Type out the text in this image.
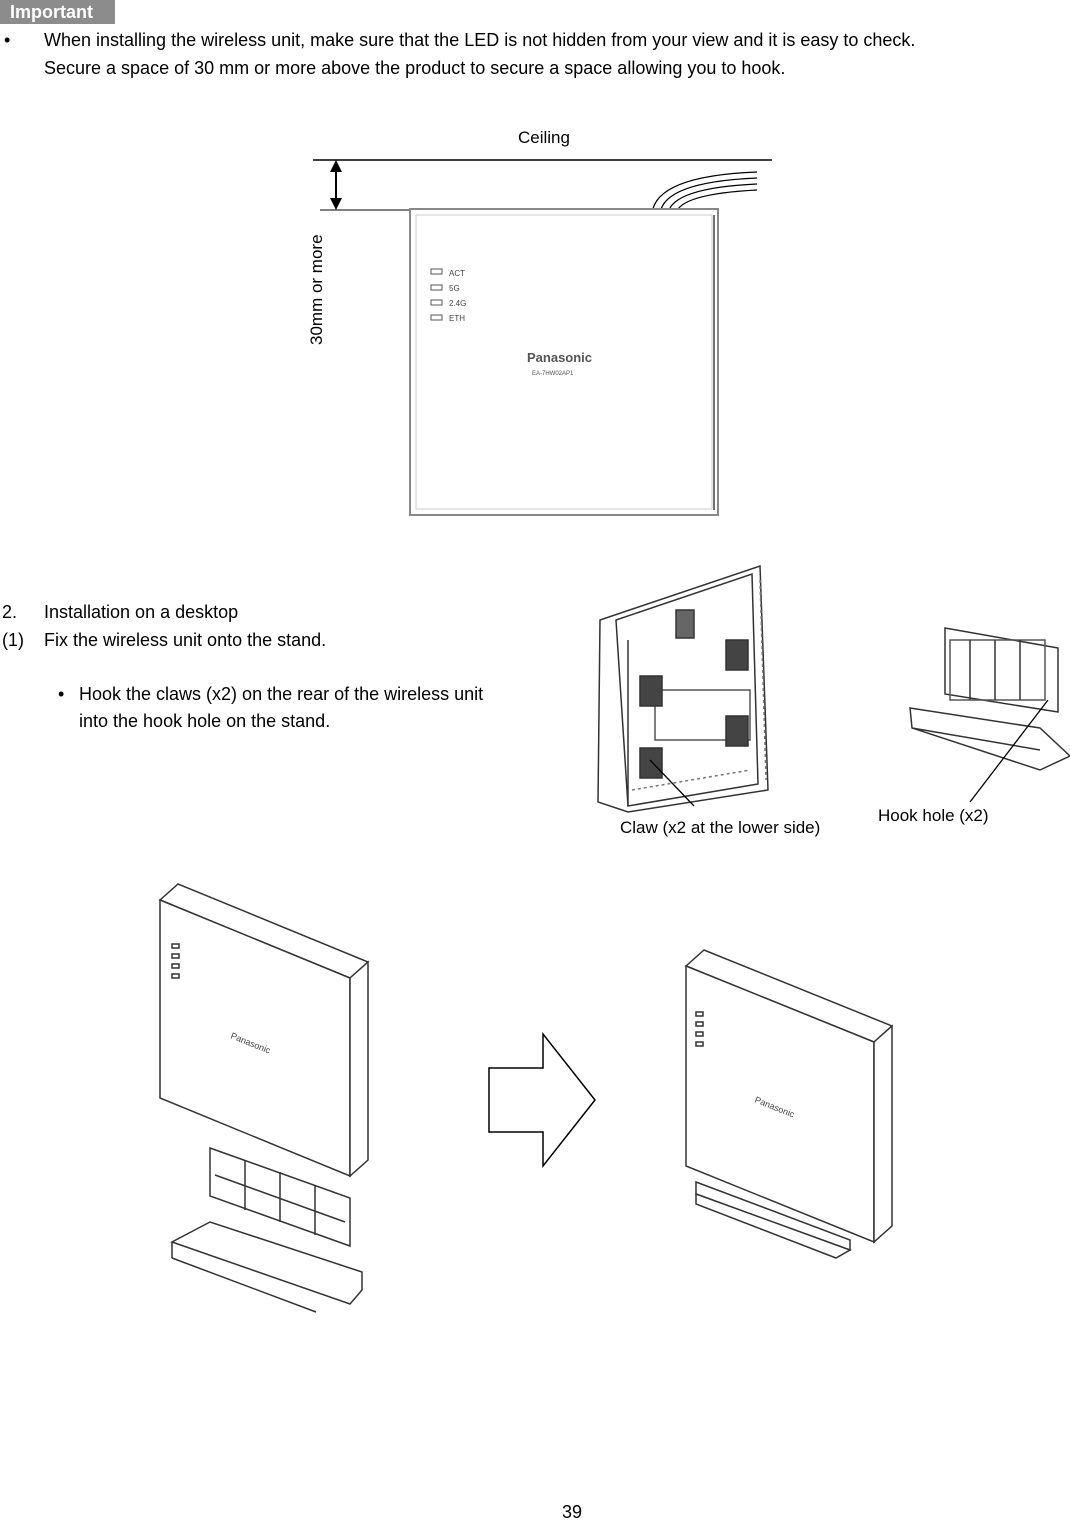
Important
• When installing the wireless unit, make sure that the LED is not hidden from your view and it is easy to check.
Secure a space of 30 mm or more above the product to secure a space allowing you to hook.
Ceiling
ACT
5G
2.4G
ETH
Panasonic
EA-7HW02AP1
30mm or more
2. Installation on a desktop
(1) Fix the wireless unit onto the stand.
• Hook the claws (x2) on the rear of the wireless unit
into the hook hole on the stand.
Claw (x2 at the lower side)
Hook hole (x2)
Panasonic
Panasonic
39
